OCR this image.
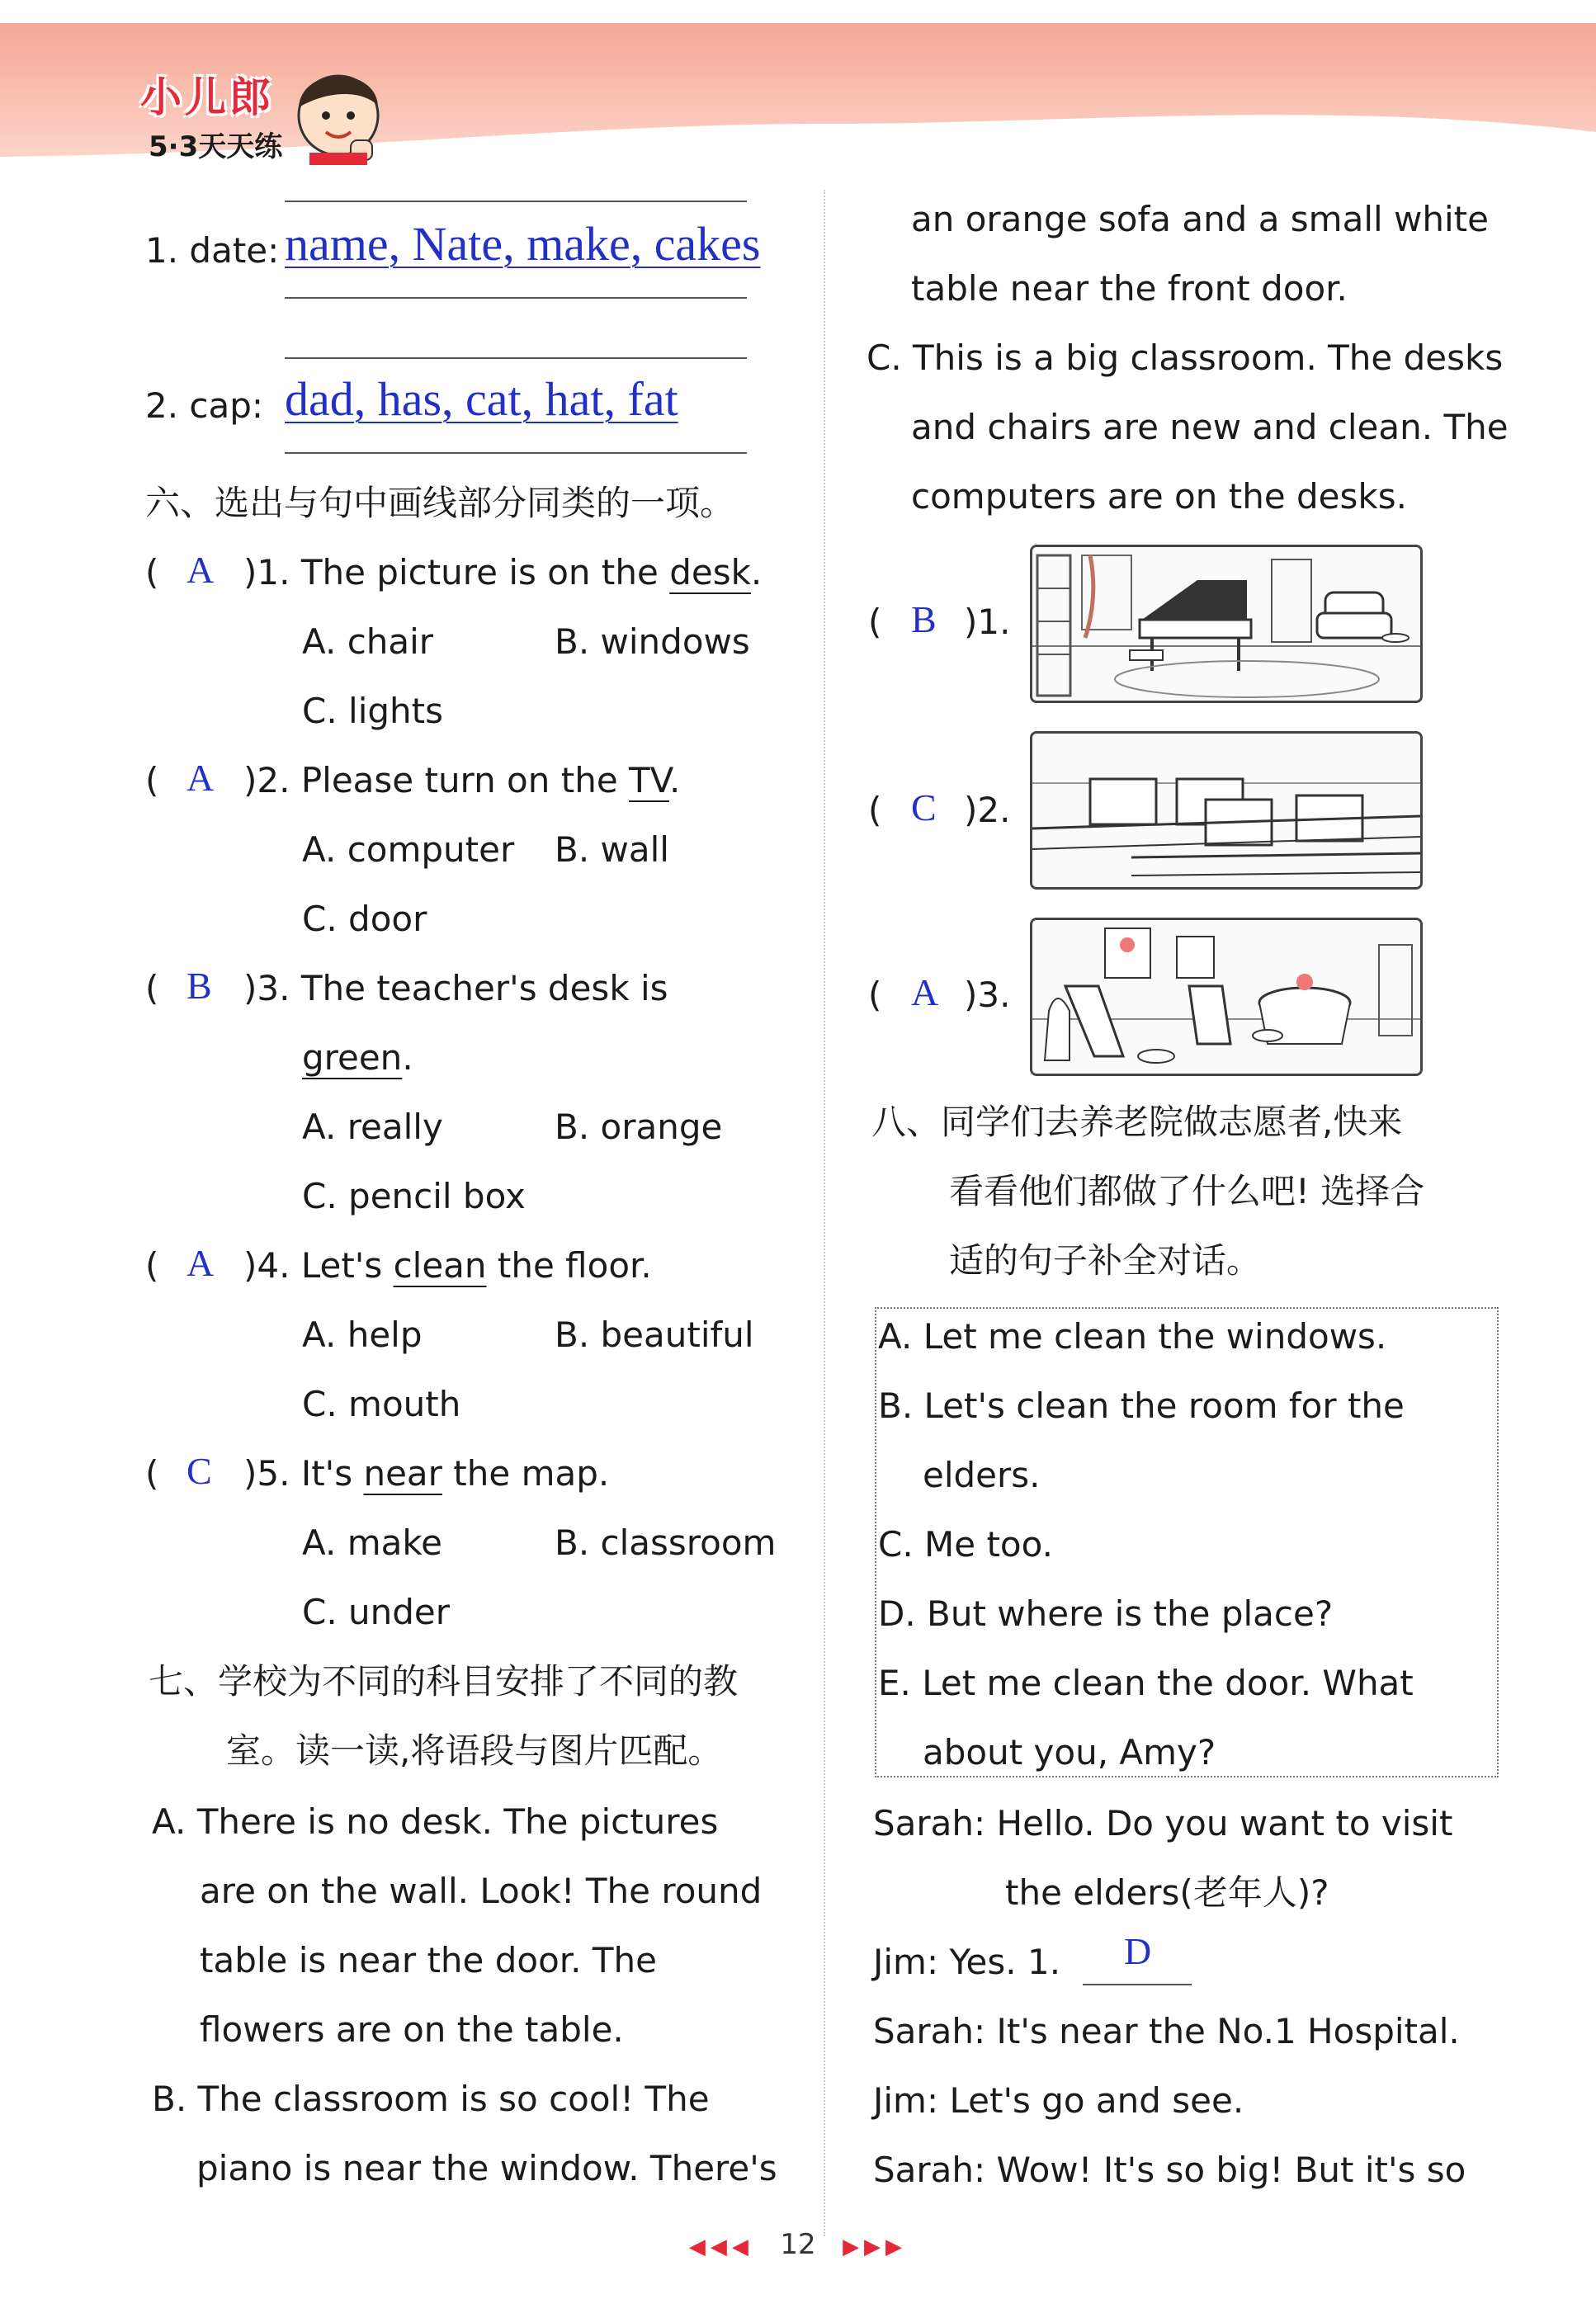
小儿郎
5·3天天练
1. date: name, Nate, make, cakes
2. cap: dad, has, cat, hat, fat
六、选出与句中画线部分同类的一项。
( A )1. The picture is on the desk.
A. chair	B. windows
C. lights
( A )2. Please turn on the TV.
A. computer B. wall
C. door
( B )3. The teacher's desk is
green.
A. really	B. orange
C. pencil box
( A )4. Let's clean the floor.
A. help	B. beautiful
C. mouth
( C )5. It's near the map.
A. make	B. classroom
C. under
七、学校为不同的科目安排了不同的教
室。读一读,将语段与图片匹配。
A. There is no desk. The pictures
are on the wall. Look! The round
table is near the door. The
flowers are on the table.
B. The classroom is so cool! The
piano is near the window. There's
an orange sofa and a small white
table near the front door.
C. This is a big classroom. The desks
and chairs are new and clean. The
computers are on the desks.
( B )1.
( C )2.
( A )3.
八、同学们去养老院做志愿者,快来
看看他们都做了什么吧! 选择合
适的句子补全对话。
A. Let me clean the windows.
B. Let's clean the room for the
elders.
C. Me too.
D. But where is the place?
E. Let me clean the door. What
about you, Amy?
Sarah: Hello. Do you want to visit
the elders(老年人)?
Jim: Yes. 1. D
Sarah: It's near the No.1 Hospital.
Jim: Let's go and see.
Sarah: Wow! It's so big! But it's so
◀◀◀ 12 ▶▶▶
